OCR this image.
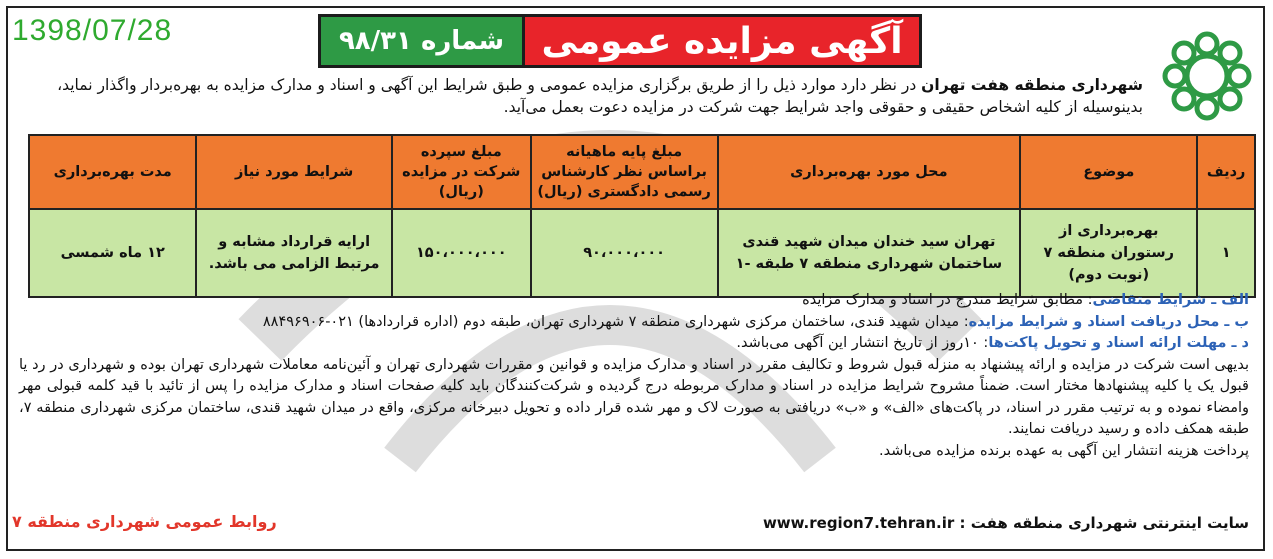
1398/07/28	آگهی مزایده عمومی
شماره ۹۸/۳۱
شهرداری منطقه هفت تهران در نظر دارد موارد ذیل را از طریق برگزاری مزایده عمومی و طبق شرایط این آگهی و اسناد و مدارک مزایده به بهره‌بردار واگذار نماید، بدینوسیله از کلیه اشخاص حقیقی و حقوقی واجد شرایط جهت شرکت در مزایده دعوت بعمل می‌آید.
ردیف	موضوع	محل مورد بهره‌برداری	مبلغ پایه ماهیانه براساس نظر کارشناس رسمی دادگستری (ریال)	مبلغ سپرده شرکت در مزایده (ریال)	شرایط مورد نیاز	مدت بهره‌برداری
۱	بهره‌برداری از رستوران منطقه ۷ (نوبت دوم)	تهران سید خندان میدان شهید قندی ساختمان شهرداری منطقه ۷ طبقه -۱	۹۰،۰۰۰،۰۰۰	۱۵۰،۰۰۰،۰۰۰	ارایه قرارداد مشابه و مرتبط الزامی می باشد.	۱۲ ماه شمسی

الف ـ شرایط متقاضی: مطابق شرایط مندرج در اسناد و مدارک مزایده

ب ـ محل دریافت اسناد و شرایط مزایده: میدان شهید قندی، ساختمان مرکزی شهرداری منطقه ۷ شهرداری تهران، طبقه دوم (اداره قراردادها) ۰۲۱-۸۸۴۹۶۹۰۶

د ـ مهلت ارائه اسناد و تحویل پاکت‌ها: ۱۰روز از تاریخ انتشار این آگهی می‌باشد.

بدیهی است شرکت در مزایده و ارائه پیشنهاد به منزله قبول شروط و تکالیف مقرر در اسناد و مدارک مزایده و قوانین و مقررات شهرداری تهران و آئین‌نامه معاملات شهرداری تهران بوده و شهرداری در رد یا قبول یک یا کلیه پیشنهادها مختار است. ضمناً مشروح شرایط مزایده در اسناد و مدارک مربوطه درج گردیده و شرکت‌کنندگان باید کلیه صفحات اسناد و مدارک مزایده را پس از تائید با قید کلمه قبولی مهر وامضاء نموده و به ترتیب مقرر در اسناد، در پاکت‌های «الف» و «ب» دریافتی به صورت لاک و مهر شده قرار داده و تحویل دبیرخانه مرکزی، واقع در میدان شهید قندی، ساختمان مرکزی شهرداری منطقه ۷، طبقه همکف داده و رسید دریافت نمایند.

پرداخت هزینه انتشار این آگهی به عهده برنده مزایده می‌باشد.

سایت اینترنتی شهرداری منطقه هفت : www.region7.tehran.ir
روابط عمومی شهرداری منطقه ۷
